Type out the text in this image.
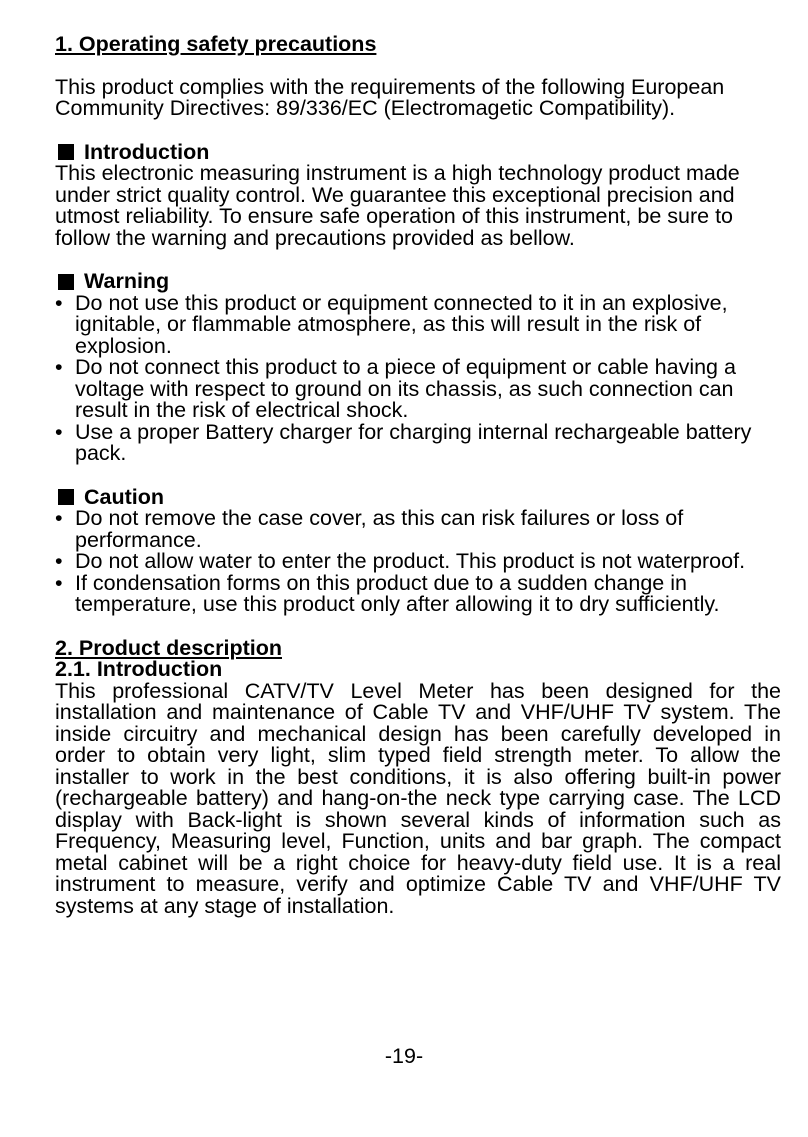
1. Operating safety precautions

This product complies with the requirements of the following European Community Directives: 89/336/EC (Electromagetic Compatibility).

Introduction

This electronic measuring instrument is a high technology product made under strict quality control. We guarantee this exceptional precision and utmost reliability. To ensure safe operation of this instrument, be sure to follow the warning and precautions provided as bellow.

Warning

• Do not use this product or equipment connected to it in an explosive, ignitable, or flammable atmosphere, as this will result in the risk of explosion.
• Do not connect this product to a piece of equipment or cable having a voltage with respect to ground on its chassis, as such connection can result in the risk of electrical shock.
• Use a proper Battery charger for charging internal rechargeable battery pack.

Caution

• Do not remove the case cover, as this can risk failures or loss of performance.
• Do not allow water to enter the product. This product is not waterproof.
• If condensation forms on this product due to a sudden change in temperature, use this product only after allowing it to dry sufficiently.

2. Product description

2.1. Introduction

This professional CATV/TV Level Meter has been designed for the installation and maintenance of Cable TV and VHF/UHF TV system. The inside circuitry and mechanical design has been carefully developed in order to obtain very light, slim typed field strength meter. To allow the installer to work in the best conditions, it is also offering built-in power (rechargeable battery) and hang-on-the neck type carrying case. The LCD display with Back-light is shown several kinds of information such as Frequency, Measuring level, Function, units and bar graph. The compact metal cabinet will be a right choice for heavy-duty field use. It is a real instrument to measure, verify and optimize Cable TV and VHF/UHF TV systems at any stage of installation.

-19-
